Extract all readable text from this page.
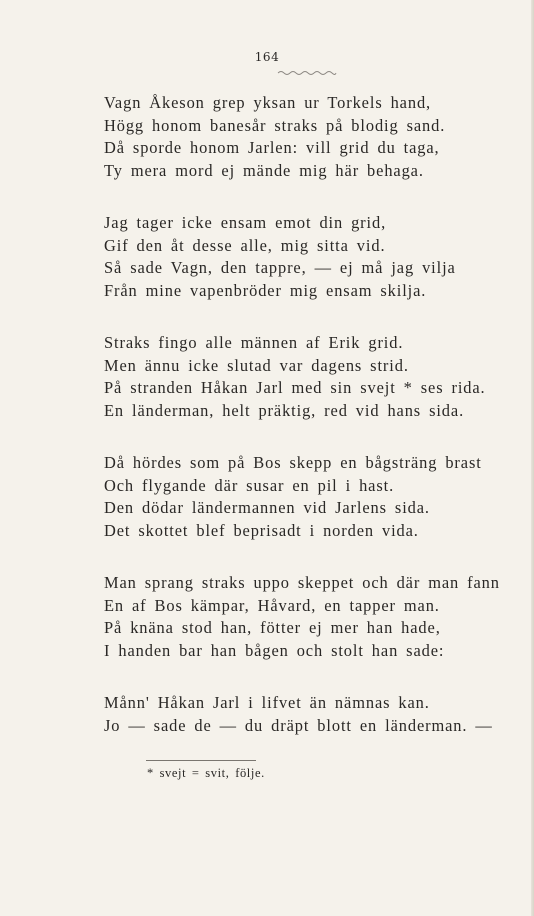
164
Vagn Åkeson grep yksan ur Torkels hand,
Högg honom banesår straks på blodig sand.
Då sporde honom Jarlen: vill grid du taga,
Ty mera mord ej mände mig här behaga.
Jag tager icke ensam emot din grid,
Gif den åt desse alle, mig sitta vid.
Så sade Vagn, den tappre, — ej må jag vilja
Från mine vapenbröder mig ensam skilja.
Straks fingo alle männen af Erik grid.
Men ännu icke slutad var dagens strid.
På stranden Håkan Jarl med sin svejt * ses rida.
En länderman, helt präktig, red vid hans sida.
Då hördes som på Bos skepp en bågsträng brast
Och flygande där susar en pil i hast.
Den dödar ländermannen vid Jarlens sida.
Det skottet blef beprisadt i norden vida.
Man sprang straks uppo skeppet och där man fann
En af Bos kämpar, Håvard, en tapper man.
På knäna stod han, fötter ej mer han hade,
I handen bar han bågen och stolt han sade:
Månn' Håkan Jarl i lifvet än nämnas kan.
Jo — sade de — du dräpt blott en länderman. —
* svejt = svit, följe.
